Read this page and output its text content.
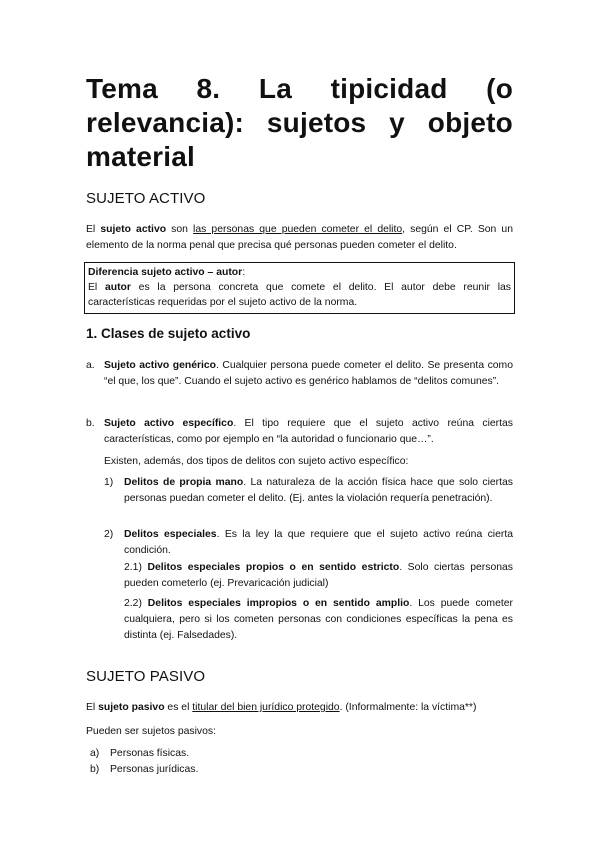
Tema 8. La tipicidad (o relevancia): sujetos y objeto material
SUJETO ACTIVO

El sujeto activo son las personas que pueden cometer el delito, según el CP. Son un elemento de la norma penal que precisa qué personas pueden cometer el delito.

Diferencia sujeto activo – autor:
El autor es la persona concreta que comete el delito. El autor debe reunir las características requeridas por el sujeto activo de la norma.
1. Clases de sujeto activo
a. Sujeto activo genérico. Cualquier persona puede cometer el delito. Se presenta como “el que, los que”. Cuando el sujeto activo es genérico hablamos de “delitos comunes”.

b. Sujeto activo específico. El tipo requiere que el sujeto activo reúna ciertas características, como por ejemplo en “la autoridad o funcionario que…”.

Existen, además, dos tipos de delitos con sujeto activo específico:

1) Delitos de propia mano. La naturaleza de la acción física hace que solo ciertas personas puedan cometer el delito. (Ej. antes la violación requería penetración).

2) Delitos especiales. Es la ley la que requiere que el sujeto activo reúna cierta condición.

2.1) Delitos especiales propios o en sentido estricto. Solo ciertas personas pueden cometerlo (ej. Prevaricación judicial)

2.2) Delitos especiales impropios o en sentido amplio. Los puede cometer cualquiera, pero si los cometen personas con condiciones específicas la pena es distinta (ej. Falsedades).

SUJETO PASIVO

El sujeto pasivo es el titular del bien jurídico protegido. (Informalmente: la víctima**)

Pueden ser sujetos pasivos:

a) Personas físicas.
b) Personas jurídicas.
